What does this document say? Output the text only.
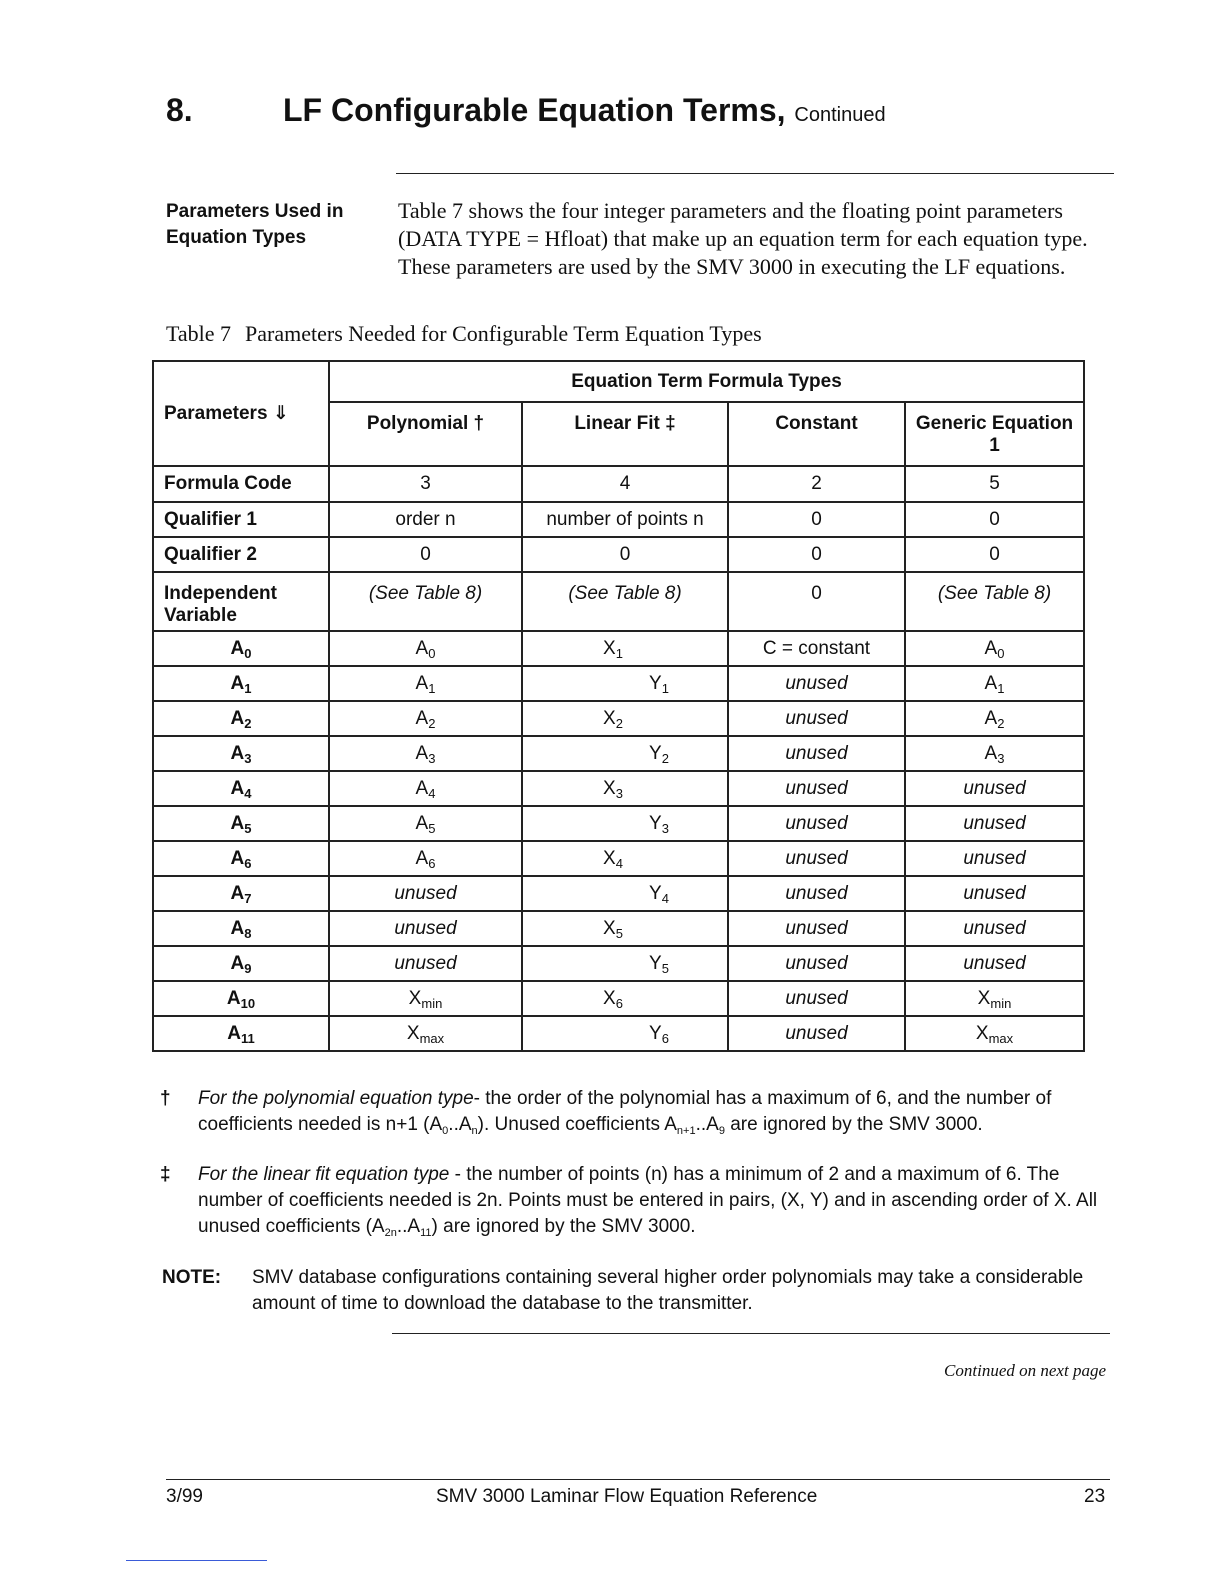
8.	LF Configurable Equation Terms, Continued
Parameters Used in
Equation Types
Table 7 shows the four integer parameters and the floating point parameters (DATA TYPE = Hfloat) that make up an equation term for each equation type. These parameters are used by the SMV 3000 in executing the LF equations.
Table 7 Parameters Needed for Configurable Term Equation Types
Parameters ⇓	Equation Term Formula Types			
	Polynomial †	Linear Fit ‡	Constant	Generic Equation 1
Formula Code	3	4	2	5
Qualifier 1	order n	number of points n	0	0
Qualifier 2	0	0	0	0
Independent Variable	(See Table 8)	(See Table 8)	0	(See Table 8)
$A_0$	$A_0$	$X_1$	C = constant	$A_0$
$A_1$	$A_1$	$Y_1$	unused	$A_1$
$A_2$	$A_2$	$X_2$	unused	$A_2$
$A_3$	$A_3$	$Y_2$	unused	$A_3$
$A_4$	$A_4$	$X_3$	unused	unused
$A_5$	$A_5$	$Y_3$	unused	unused
$A_6$	$A_6$	$X_4$	unused	unused
$A_7$	unused	$Y_4$	unused	unused
$A_8$	unused	$X_5$	unused	unused
$A_9$	unused	$Y_5$	unused	unused
$A_{10}$	$X_{min}$	$X_6$	unused	$X_{min}$
$A_{11}$	$X_{max}$	$Y_6$	unused	$X_{max}$
† For the polynomial equation type- the order of the polynomial has a maximum of 6, and the number of coefficients needed is n+1 $(A_0..A_n)$. Unused coefficients $A_{n+1}..A_9$ are ignored by the SMV 3000.
‡ For the linear fit equation type - the number of points (n) has a minimum of 2 and a maximum of 6. The number of coefficients needed is 2n. Points must be entered in pairs, (X, Y) and in ascending order of X. All unused coefficients $(A_{2n}..A_{11})$ are ignored by the SMV 3000.
NOTE: SMV database configurations containing several higher order polynomials may take a considerable amount of time to download the database to the transmitter.
Continued on next page
3/99	SMV 3000 Laminar Flow Equation Reference	23
